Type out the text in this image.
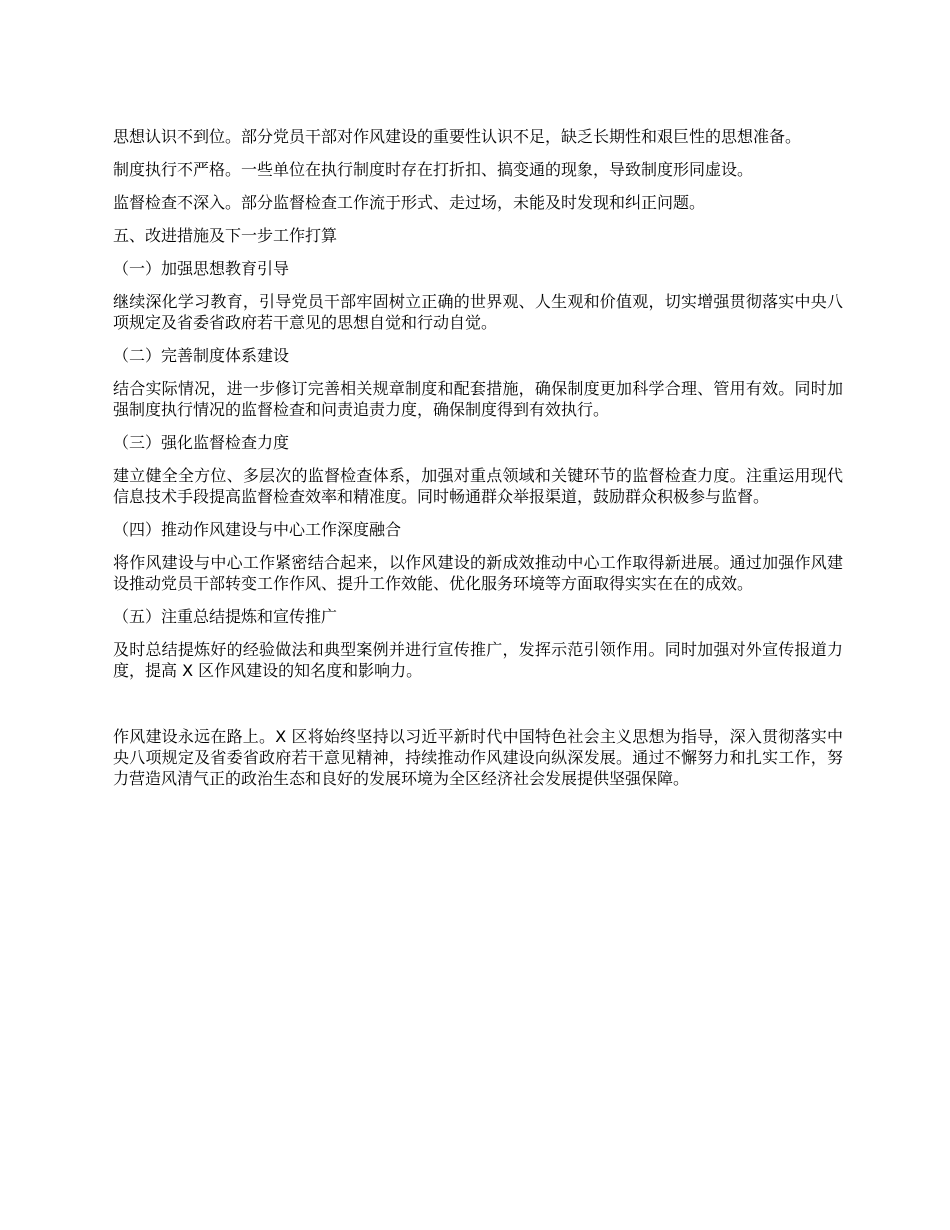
思想认识不到位。部分党员干部对作风建设的重要性认识不足，缺乏长期性和艰巨性的思想准备。

制度执行不严格。一些单位在执行制度时存在打折扣、搞变通的现象，导致制度形同虚设。

监督检查不深入。部分监督检查工作流于形式、走过场，未能及时发现和纠正问题。

五、改进措施及下一步工作打算

（一）加强思想教育引导

继续深化学习教育，引导党员干部牢固树立正确的世界观、人生观和价值观，切实增强贯彻落实中央八项规定及省委省政府若干意见的思想自觉和行动自觉。

（二）完善制度体系建设

结合实际情况，进一步修订完善相关规章制度和配套措施，确保制度更加科学合理、管用有效。同时加强制度执行情况的监督检查和问责追责力度，确保制度得到有效执行。

（三）强化监督检查力度

建立健全全方位、多层次的监督检查体系，加强对重点领域和关键环节的监督检查力度。注重运用现代信息技术手段提高监督检查效率和精准度。同时畅通群众举报渠道，鼓励群众积极参与监督。

（四）推动作风建设与中心工作深度融合

将作风建设与中心工作紧密结合起来，以作风建设的新成效推动中心工作取得新进展。通过加强作风建设推动党员干部转变工作作风、提升工作效能、优化服务环境等方面取得实实在在的成效。

（五）注重总结提炼和宣传推广

及时总结提炼好的经验做法和典型案例并进行宣传推广，发挥示范引领作用。同时加强对外宣传报道力度，提高 X 区作风建设的知名度和影响力。

作风建设永远在路上。X 区将始终坚持以习近平新时代中国特色社会主义思想为指导，深入贯彻落实中央八项规定及省委省政府若干意见精神，持续推动作风建设向纵深发展。通过不懈努力和扎实工作，努力营造风清气正的政治生态和良好的发展环境为全区经济社会发展提供坚强保障。
